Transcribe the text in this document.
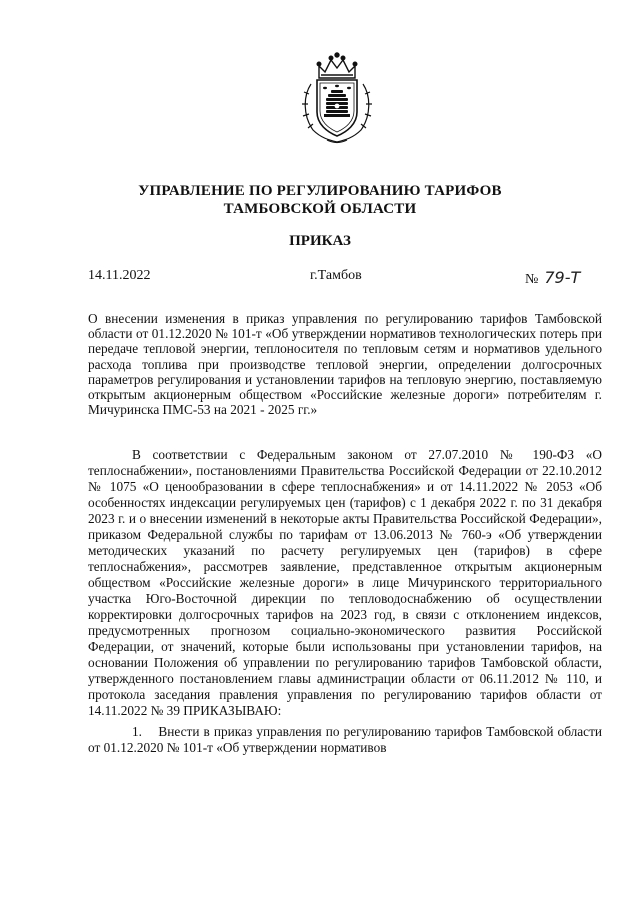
УПРАВЛЕНИЕ ПО РЕГУЛИРОВАНИЮ ТАРИФОВ
ТАМБОВСКОЙ ОБЛАСТИ
ПРИКАЗ
14.11.2022	г.Тамбов	№ 79-Т
О внесении изменения в приказ управления по регулированию тарифов Тамбовской области от 01.12.2020 № 101-т «Об утверждении нормативов технологических потерь при передаче тепловой энергии, теплоносителя по тепловым сетям и нормативов удельного расхода топлива при производстве тепловой энергии, определении долгосрочных параметров регулирования и установлении тарифов на тепловую энергию, поставляемую открытым акционерным обществом «Российские железные дороги» потребителям г. Мичуринска ПМС-53 на 2021 - 2025 гг.»

В соответствии с Федеральным законом от 27.07.2010 № 190-ФЗ «О теплоснабжении», постановлениями Правительства Российской Федерации от 22.10.2012 № 1075 «О ценообразовании в сфере теплоснабжения» и от 14.11.2022 № 2053 «Об особенностях индексации регулируемых цен (тарифов) с 1 декабря 2022 г. по 31 декабря 2023 г. и о внесении изменений в некоторые акты Правительства Российской Федерации», приказом Федеральной службы по тарифам от 13.06.2013 № 760-э «Об утверждении методических указаний по расчету регулируемых цен (тарифов) в сфере теплоснабжения», рассмотрев заявление, представленное открытым акционерным обществом «Российские железные дороги» в лице Мичуринского территориального участка Юго-Восточной дирекции по тепловодоснабжению об осуществлении корректировки долгосрочных тарифов на 2023 год, в связи с отклонением индексов, предусмотренных прогнозом социально-экономического развития Российской Федерации, от значений, которые были использованы при установлении тарифов, на основании Положения об управлении по регулированию тарифов Тамбовской области, утвержденного постановлением главы администрации области от 06.11.2012 № 110, и протокола заседания правления управления по регулированию тарифов области от 14.11.2022 № 39 ПРИКАЗЫВАЮ:

1.    Внести в приказ управления по регулированию тарифов Тамбовской области от 01.12.2020 № 101-т «Об утверждении нормативов
